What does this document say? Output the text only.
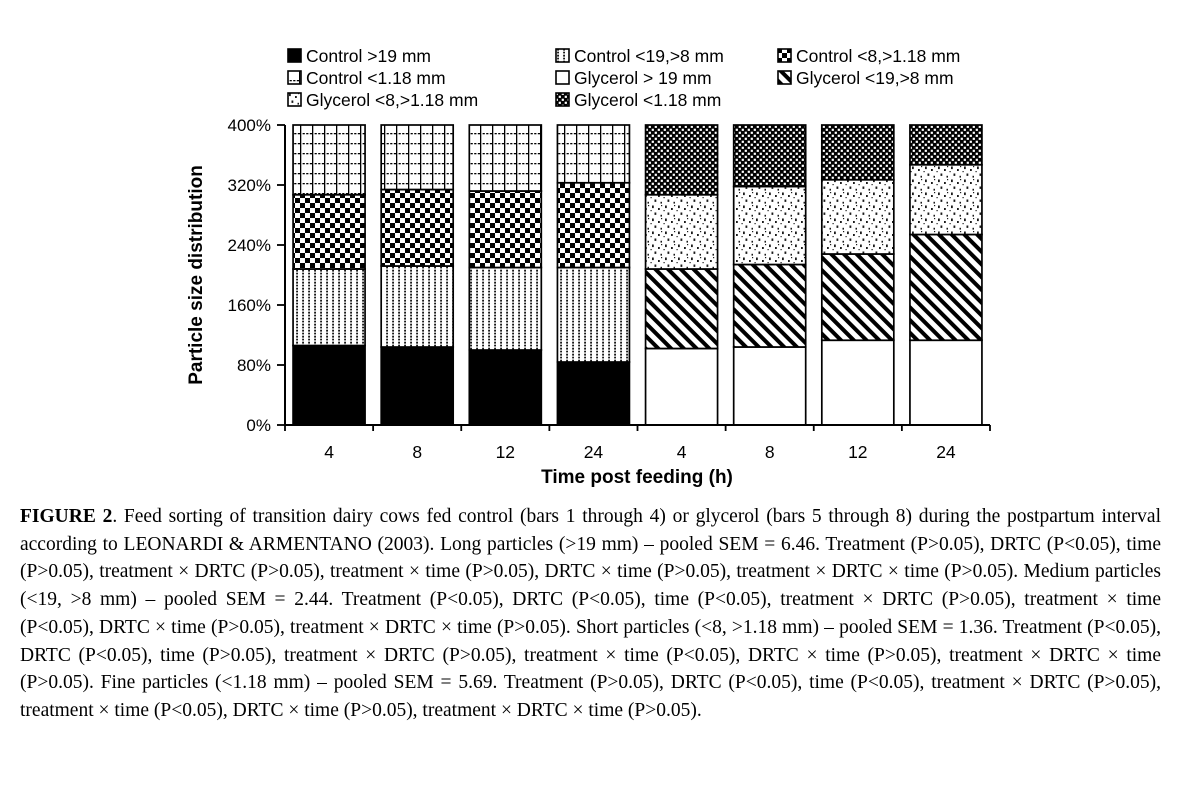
Control >19 mm	Control <19,>8 mm	Control <8,>1.18 mm
Control <1.18 mm	Glycerol > 19 mm	Glycerol <19,>8 mm
Glycerol <8,>1.18 mm	Glycerol <1.18 mm
Particle size distribution
Time post feeding (h)
0%
80%
160%
240%
320%
400%
4	8	12	24	4	8	12	24

FIGURE 2. Feed sorting of transition dairy cows fed control (bars 1 through 4) or glycerol (bars 5 through 8) during the postpartum interval according to LEONARDI & ARMENTANO (2003). Long particles (>19 mm) – pooled SEM = 6.46. Treatment (P>0.05), DRTC (P<0.05), time (P>0.05), treatment × DRTC (P>0.05), treatment × time (P>0.05), DRTC × time (P>0.05), treatment × DRTC × time (P>0.05). Medium particles (<19, >8 mm) – pooled SEM = 2.44. Treatment (P<0.05), DRTC (P<0.05), time (P<0.05), treatment × DRTC (P>0.05), treatment × time (P<0.05), DRTC × time (P>0.05), treatment × DRTC × time (P>0.05). Short particles (<8, >1.18 mm) – pooled SEM = 1.36. Treatment (P<0.05), DRTC (P<0.05), time (P>0.05), treatment × DRTC (P>0.05), treatment × time (P<0.05), DRTC × time (P>0.05), treatment × DRTC × time (P>0.05). Fine particles (<1.18 mm) – pooled SEM = 5.69. Treatment (P>0.05), DRTC (P<0.05), time (P<0.05), treatment × DRTC (P>0.05), treatment × time (P<0.05), DRTC × time (P>0.05), treatment × DRTC × time (P>0.05).
